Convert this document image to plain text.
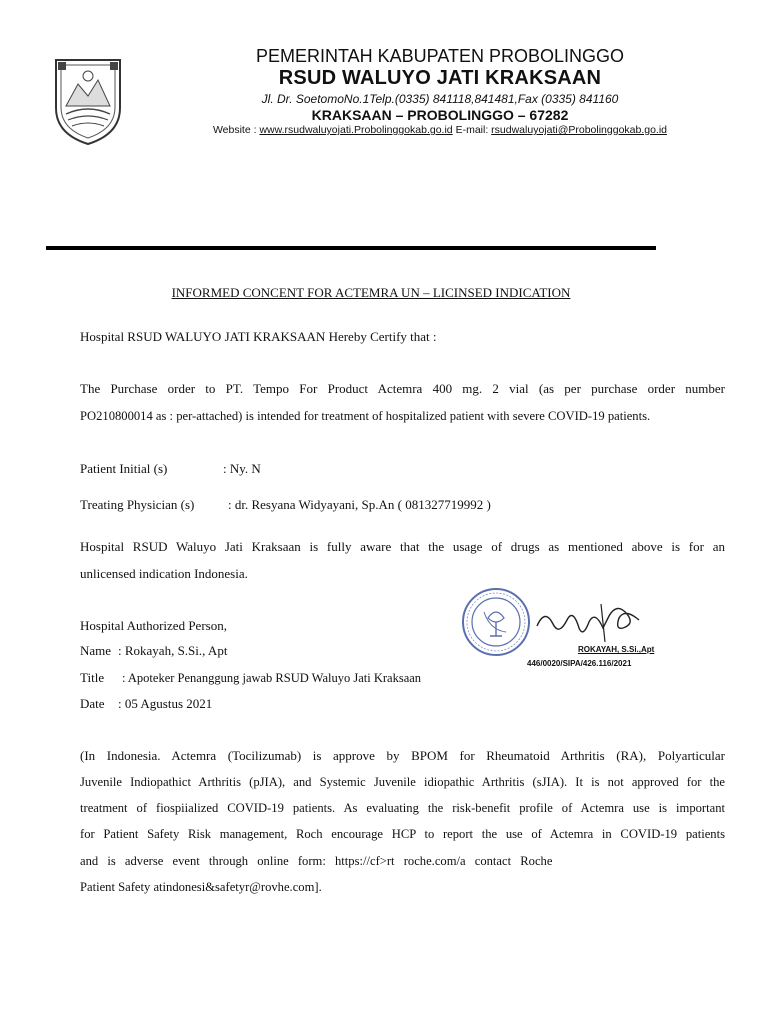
PEMERINTAH KABUPATEN PROBOLINGGO
RSUD WALUYO JATI KRAKSAAN
Jl. Dr. SoetomoNo.1Telp.(0335) 841118,841481,Fax (0335) 841160
KRAKSAAN – PROBOLINGGO – 67282
Website : www.rsudwaluyojati.Probolinggokab.go.id E-mail: rsudwaluyojati@Probolinggokab.go.id
INFORMED CONCENT FOR ACTEMRA UN – LICINSED INDICATION
Hospital RSUD WALUYO JATI KRAKSAAN Hereby Certify that :
The Purchase order to PT. Tempo For Product Actemra 400 mg. 2 vial (as per purchase order number
PO210800014 as : per-attached) is intended for treatment of hospitalized patient with severe COVID-19 patients.
Patient Initial (s)	: Ny. N
Treating Physician (s)	: dr. Resyana Widyayani, Sp.An ( 081327719992 )
Hospital RSUD Waluyo Jati Kraksaan is fully aware that the usage of drugs as mentioned above is for an
unlicensed indication Indonesia.
Hospital Authorized Person,
Name : Rokayah, S.Si., Apt
Title : Apoteker Penanggung jawab RSUD Waluyo Jati Kraksaan
Date : 05 Agustus 2021
ROKAYAH, S.Si.,Apt
446/0020/SIPA/426.116/2021
(In Indonesia. Actemra (Tocilizumab) is approve by BPOM for Rheumatoid Arthritis (RA), Polyarticular
Juvenile Indiopathict Arthritis (pJIA), and Systemic Juvenile idiopathic Arthritis (sJIA). It is not approved for the
treatment of fiospiialized COVID-19 patients. As evaluating the risk-benefit profile of Actemra use is important
for Patient Safety Risk management, Roch encourage HCP to report the use of Actemra in COVID-19 patients
and is adverse event through online form: https://cf>rt roche.com/a contact Roche
Patient Safety atindonesi&safetyr@rovhe.com].
